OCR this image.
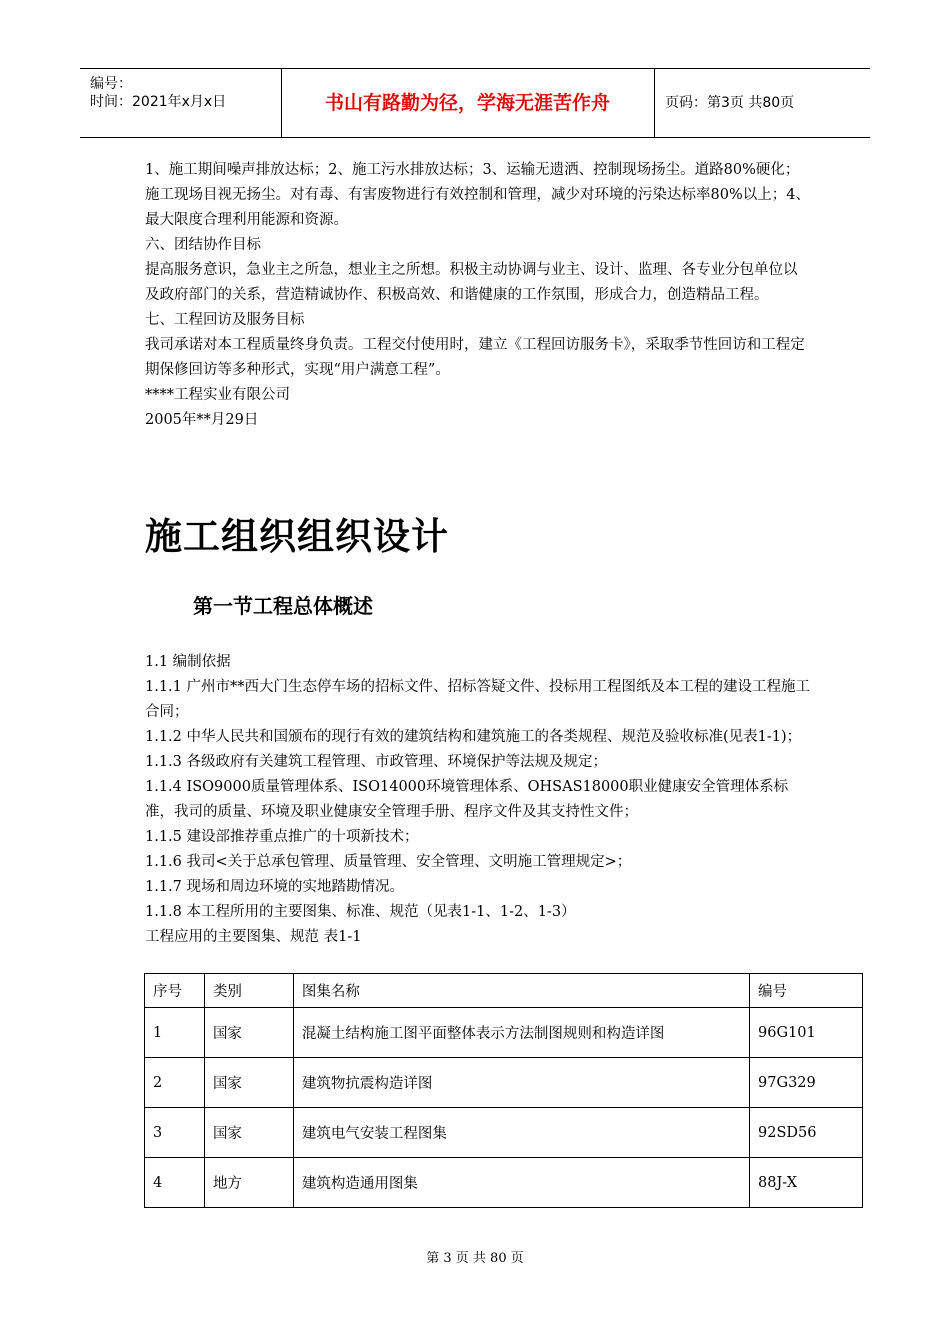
编号：
时间：2021年x月x日	书山有路勤为径，学海无涯苦作舟	页码：第3页 共80页

1、施工期间噪声排放达标；2、施工污水排放达标；3、运输无遗洒、控制现场扬尘。道路80%硬化；施工现场目视无扬尘。对有毒、有害废物进行有效控制和管理，减少对环境的污染达标率80%以上；4、最大限度合理利用能源和资源。

六、团结协作目标

提高服务意识，急业主之所急，想业主之所想。积极主动协调与业主、设计、监理、各专业分包单位以及政府部门的关系，营造精诚协作、积极高效、和谐健康的工作氛围，形成合力，创造精品工程。

七、工程回访及服务目标

我司承诺对本工程质量终身负责。工程交付使用时，建立《工程回访服务卡》，采取季节性回访和工程定期保修回访等多种形式，实现“用户满意工程”。

****工程实业有限公司

2005年**月29日

施工组织组织设计
第一节工程总体概述

1.1 编制依据

1.1.1 广州市**西大门生态停车场的招标文件、招标答疑文件、投标用工程图纸及本工程的建设工程施工合同；

1.1.2 中华人民共和国颁布的现行有效的建筑结构和建筑施工的各类规程、规范及验收标准(见表1-1)；

1.1.3 各级政府有关建筑工程管理、市政管理、环境保护等法规及规定；

1.1.4 ISO9000质量管理体系、ISO14000环境管理体系、OHSAS18000职业健康安全管理体系标准，我司的质量、环境及职业健康安全管理手册、程序文件及其支持性文件；

1.1.5 建设部推荐重点推广的十项新技术；

1.1.6 我司<关于总承包管理、质量管理、安全管理、文明施工管理规定>；

1.1.7 现场和周边环境的实地踏勘情况。

1.1.8 本工程所用的主要图集、标准、规范（见表1-1、1-2、1-3）

工程应用的主要图集、规范 表1-1

序号	类别	图集名称	编号
1	国家	混凝土结构施工图平面整体表示方法制图规则和构造详图	96G101
2	国家	建筑物抗震构造详图	97G329
3	国家	建筑电气安装工程图集	92SD56
4	地方	建筑构造通用图集	88J-X
第 3 页 共 80 页
